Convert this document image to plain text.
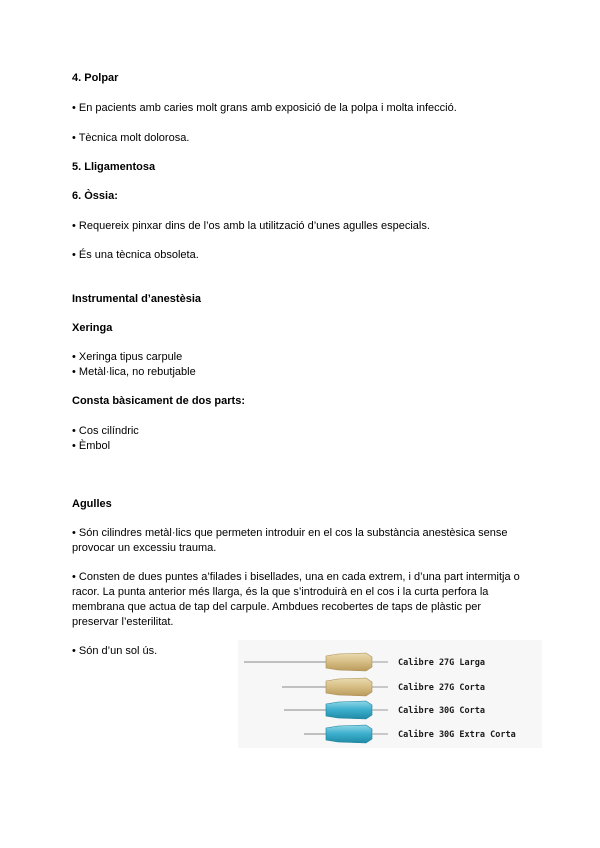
4. Polpar
• En pacients amb caries molt grans amb exposició de la polpa i molta infecció.
• Tècnica molt dolorosa.
5. Lligamentosa
6. Òssia:
• Requereix pinxar dins de l’os amb la utilització d’unes agulles especials.
• És una tècnica obsoleta.
Instrumental d’anestèsia
Xeringa
• Xeringa tipus carpule
• Metàl·lica, no rebutjable
Consta bàsicament de dos parts:
• Cos cilíndric
• Èmbol
Agulles
• Són cilindres metàl·lics que permeten introduir en el cos la substància anestèsica sense
provocar un excessiu trauma.
• Consten de dues puntes a’filades i bisellades, una en cada extrem, i d’una part intermitja o
racor. La punta anterior més llarga, és la que s’introduirà en el cos i la curta perfora la
membrana que actua de tap del carpule. Ambdues recobertes de taps de plàstic per
preservar l’esterilitat.
• Són d’un sol ús.
Calibre 27G Larga
Calibre 27G Corta
Calibre 30G Corta
Calibre 30G Extra Corta
